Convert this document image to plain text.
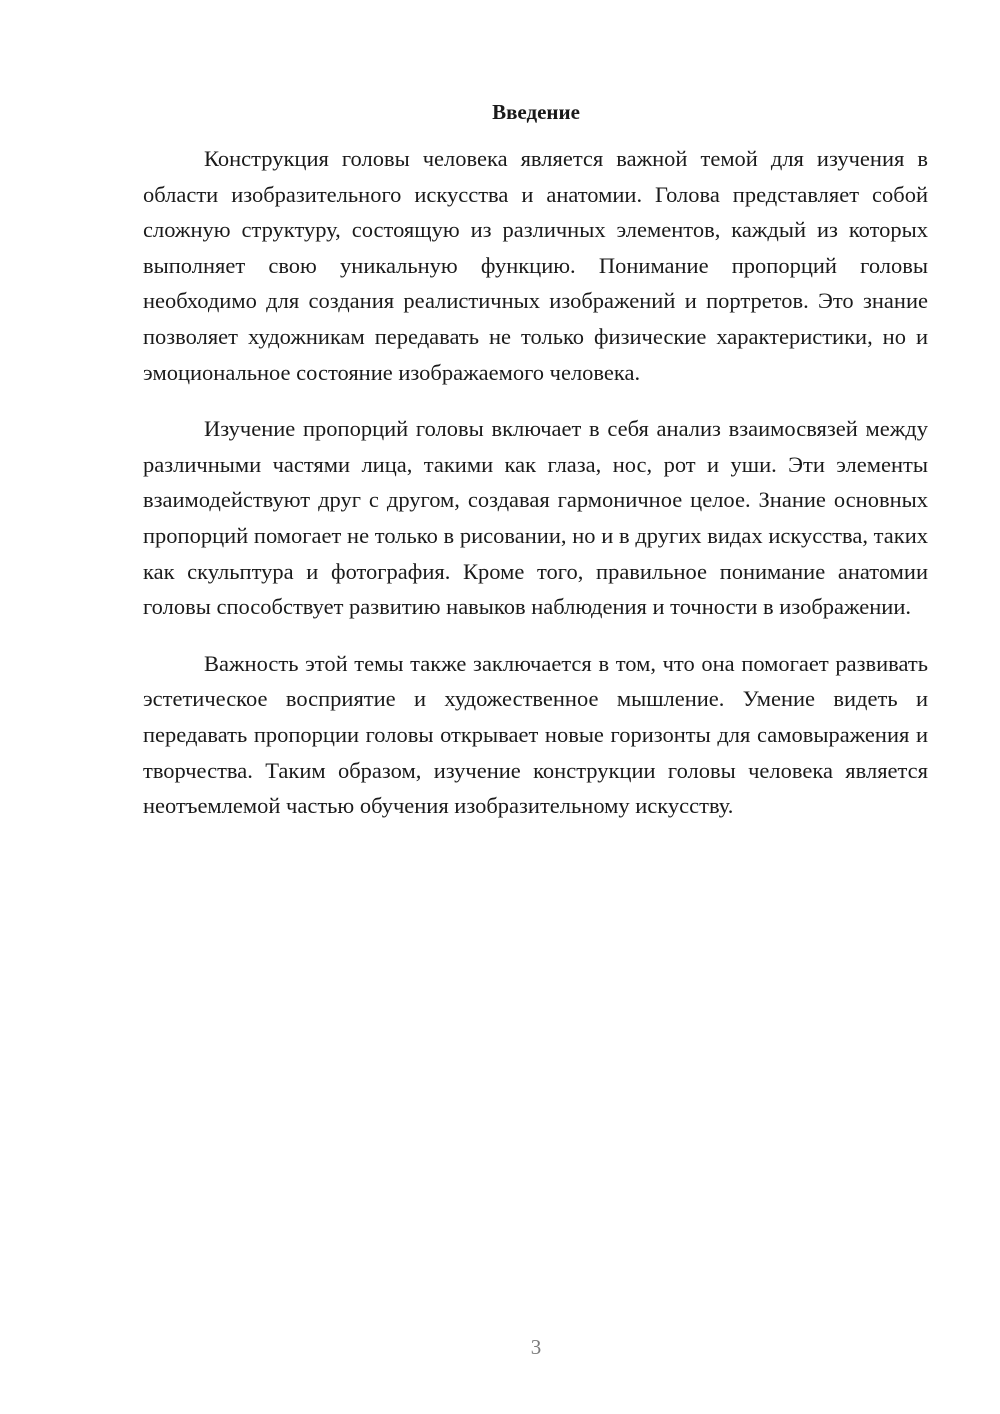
Введение

Конструкция головы человека является важной темой для изучения в области изобразительного искусства и анатомии. Голова представляет собой сложную структуру, состоящую из различных элементов, каждый из которых выполняет свою уникальную функцию. Понимание пропорций головы необходимо для создания реалистичных изображений и портретов. Это знание позволяет художникам передавать не только физические характеристики, но и эмоциональное состояние изображаемого человека.

Изучение пропорций головы включает в себя анализ взаимосвязей между различными частями лица, такими как глаза, нос, рот и уши. Эти элементы взаимодействуют друг с другом, создавая гармоничное целое. Знание основных пропорций помогает не только в рисовании, но и в других видах искусства, таких как скульптура и фотография. Кроме того, правильное понимание анатомии головы способствует развитию навыков наблюдения и точности в изображении.

Важность этой темы также заключается в том, что она помогает развивать эстетическое восприятие и художественное мышление. Умение видеть и передавать пропорции головы открывает новые горизонты для самовыражения и творчества. Таким образом, изучение конструкции головы человека является неотъемлемой частью обучения изобразительному искусству.

3
